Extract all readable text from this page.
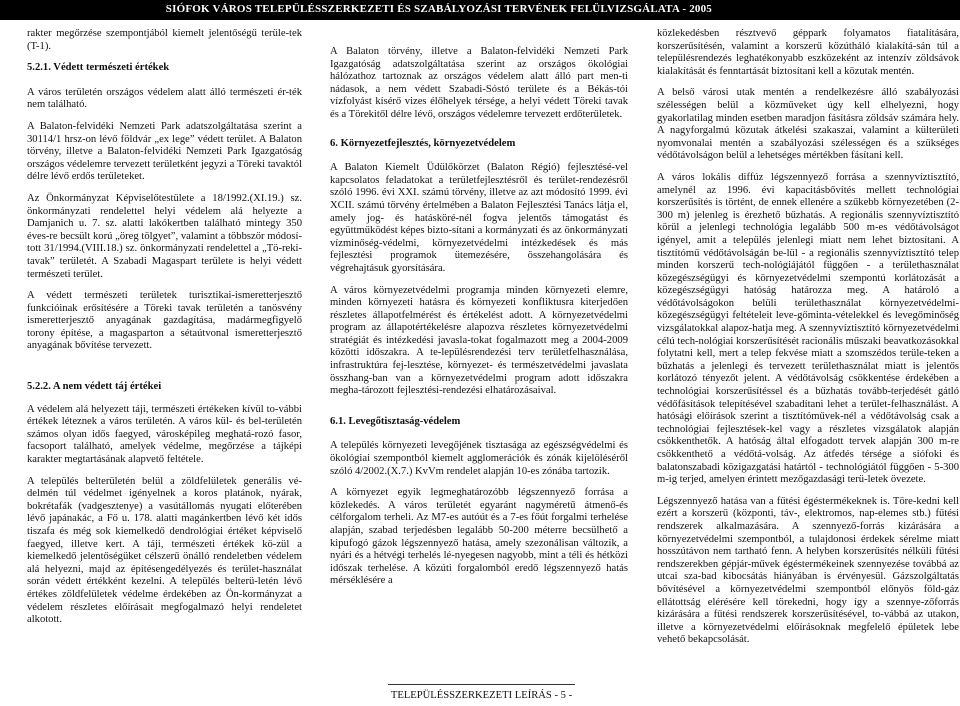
SIÓFOK VÁROS TELEPÜLÉSSZERKEZETI ÉS SZABÁLYOZÁSI TERVÉNEK FELÜLVIZSGÁLATA - 2005

rakter megőrzése szempontjából kiemelt jelentőségű terüle-tek (T-1).

5.2.1. Védett természeti értékek

A város területén országos védelem alatt álló természeti ér-ték nem található.

A Balaton-felvidéki Nemzeti Park adatszolgáltatása szerint a 30114/1 hrsz-on lévő földvár „ex lege” védett terület. A Balaton törvény, illetve a Balaton-felvidéki Nemzeti Park Igazgatóság országos védelemre tervezett területként jegyzi a Töreki tavaktól délre lévő erdős területeket.

Az Önkormányzat Képviselőtestülete a 18/1992.(XI.19.) sz. önkormányzati rendelettel helyi védelem alá helyezte a Damjanich u. 7. sz. alatti lakókertben található mintegy 350 éves-re becsült korú „öreg tölgyet”, valamint a többször módosí-tott 31/1994.(VIII.18.) sz. önkormányzati rendelettel a „Tö-reki-tavak” területét. A Szabadi Magaspart területe is helyi védett természeti terület.

A védett természeti területek turisztikai-ismeretterjesztő funkcióinak erősítésére a Töreki tavak területén a tanösvény ismeretterjesztő anyagának gazdagítása, madármegfigyelő torony építése, a magasparton a sétaútvonal ismeretterjesztő anyagának bővítése tervezett.

5.2.2. A nem védett táj értékei

A védelem alá helyezett táji, természeti értékeken kívül to-vábbi értékek léteznek a város területén. A város kül- és bel-területén számos olyan idős faegyed, városképileg meghatá-rozó fasor, facsoport található, amelyek védelme, megőrzése a tájképi karakter megtartásának alapvető feltétele.

A település belterületén belül a zöldfelületek generális vé-delmén túl védelmet igényelnek a koros platánok, nyárak, bokrétafák (vadgesztenye) a vasútállomás nyugati előterében lévő japánakác, a Fő u. 178. alatti magánkertben lévő két idős tiszafa és még sok kiemelkedő dendrológiai értéket képviselő faegyed, illetve kert. A táji, természeti értékek kö-zül a kiemelkedő jelentőségüket célszerű önálló rendeletben védelem alá helyezni, majd az építésengedélyezés és terület-használat során védett értékként kezelni. A település belterü-letén lévő értékes zöldfelületek védelme érdekében az Ön-kormányzat a védelem részletes előírásait megfogalmazó helyi rendeletet alkotott.

A Balaton törvény, illetve a Balaton-felvidéki Nemzeti Park Igazgatóság adatszolgáltatása szerint az országos ökológiai hálózathoz tartoznak az országos védelem alatt álló part men-ti nádasok, a nem védett Szabadi-Sóstó területe és a Békás-tói vízfolyást kísérő vizes élőhelyek térsége, a helyi védett Töreki tavak és a Törekitől délre lévő, országos védelemre tervezett erdőterületek.

6. Környezetfejlesztés, környezetvédelem

A Balaton Kiemelt Üdülőkörzet (Balaton Régió) fejlesztésé-vel kapcsolatos feladatokat a területfejlesztésről és terület-rendezésről szóló 1996. évi XXI. számú törvény, illetve az azt módosító 1999. évi XCII. számú törvény értelmében a Balaton Fejlesztési Tanács látja el, amely jog- és hatásköré-nél fogva jelentős támogatást és együttműködést képes bizto-sítani a kormányzati és az önkormányzati vízminőség-védelmi, környezetvédelmi intézkedések és más fejlesztési programok ütemezésére, összehangolására és végrehajtásuk gyorsítására.

A város környezetvédelmi programja minden környezeti elemre, minden környezeti hatásra és környezeti konfliktusra kiterjedően részletes állapotfelmérést és értékelést adott. A környezetvédelmi program az állapotértékelésre alapozva részletes környezetvédelmi stratégiát és intézkedési javasla-tokat fogalmazott meg a 2004-2009 közötti időszakra. A te-lepülésrendezési terv területfelhasználása, infrastruktúra fej-lesztése, környezet- és természetvédelmi javaslata összhang-ban van a környezetvédelmi program adott időszakra megha-tározott fejlesztési-rendezési elhatározásaival.

6.1. Levegőtisztaság-védelem

A település környezeti levegőjének tisztasága az egészségvédelmi és ökológiai szempontból kiemelt agglomerációk és zónák kijelöléséről szóló 4/2002.(X.7.) KvVm rendelet alapján 10-es zónába tartozik.

A környezet egyik legmeghatározóbb légszennyező forrása a közlekedés. A város területét egyaránt nagyméretű átmenő-és célforgalom terheli. Az M7-es autóút és a 7-es főút forgalmi terhelése alapján, szabad terjedésben legalább 50-200 méterre becsülhető a kipufogó gázok légszennyező hatása, amely szezonálisan változik, a nyári és a hétvégi terhelés lé-nyegesen nagyobb, mint a téli és hétközi időszak terhelése. A közúti forgalomból eredő légszennyező hatás mérséklésére a

közlekedésben résztvevő géppark folyamatos fiatalítására, korszerűsítésén, valamint a korszerű közútháló kialakítá-sán túl a településrendezés leghatékonyabb eszközeként az intenzív zöldsávok kialakítását és fenntartását biztosítani kell a közutak mentén.

A belső városi utak mentén a rendelkezésre álló szabályozási szélességen belül a közműveket úgy kell elhelyezni, hogy gyakorlatilag minden esetben maradjon fásításra zöldsáv számára hely. A nagyforgalmú közutak átkelési szakaszai, valamint a külterületi nyomvonalai mentén a szabályozási szélességen és a szükséges védőtávolságon belül a lehetséges mértékben fásítani kell.

A város lokális diffúz légszennyező forrása a szennyvíztisztító, amelynél az 1996. évi kapacitásbővítés mellett technológiai korszerűsítés is történt, de ennek ellenére a szűkebb környezetében (2-300 m) jelenleg is érezhető bűzhatás. A regionális szennyvíztisztító körül a jelenlegi technológia legalább 500 m-es védőtávolságot igényel, amit a település jelenlegi miatt nem lehet biztosítani. A tisztítómű védőtávolságán be-lül - a regionális szennyvíztisztító telep minden korszerű tech-nológiájától függően - a területhasználat közegészségügyi és környezetvédelmi szempontú korlátozását a közegészségügyi hatóság határozza meg. A határoló a védőtávolságokon belüli területhasználat környezetvédelmi- közegészségügyi feltételeit leve-gőminta-vételekkel és levegőminőség vizsgálatokkal alapoz-hatja meg. A szennyvíztisztító környezetvédelmi célú tech-nológiai korszerűsítését racionális műszaki beavatkozásokkal folytatni kell, mert a telep fekvése miatt a szomszédos terüle-teken a bűzhatás a jelenlegi és tervezett területhasználat miatt is jelentős korlátozó tényezőt jelent. A védőtávolság csökkentése érdekében a technológiai korszerűsítéssel és a bűzhatás tovább-terjedését gátló védőfásítások telepítésével szabadítani lehet a terület-felhasználást. A hatósági előírások szerint a tisztítóművek-nél a védőtávolság csak a technológiai fejlesztések-kel vagy a részletes vizsgálatok alapján csökkenthetők. A hatóság által elfogadott tervek alapján 300 m-re csökkenthető a védőtá-volság. Az átfedés térsége a siófoki és balatonszabadi közigazgatási határtól - technológiától függően - 5-300 m-ig terjed, amelyen érintett mezőgazdasági terü-letek övezete.

Légszennyező hatása van a fűtési égéstermékeknek is. Töre-kedni kell ezért a korszerű (központi, táv-, elektromos, nap-elemes stb.) fűtési rendszerek alkalmazására. A szennyező-forrás kizárására a környezetvédelmi szempontból, a tulajdonosi érdekek sérelme miatt hosszútávon nem tartható fenn. A helyben korszerűsítés nélküli fűtési rendszerekben gépjár-művek égéstermékeinek szennyezése továbbá az utcai sza-bad kibocsátás hiányában is érvényesül. Gázszolgáltatás bővítésével a környezetvédelmi szempontból előnyös föld-gáz ellátottság elérésére kell törekedni, hogy így a szennye-zőforrás kizárására a fűtési rendszerek korszerűsítésével, to-vábbá az utakon, illetve a környezetvédelmi előírásoknak megfelelő épületek lebe vehető bekapcsolását.

TELEPÜLÉSSZERKEZETI LEÍRÁS - 5 -
